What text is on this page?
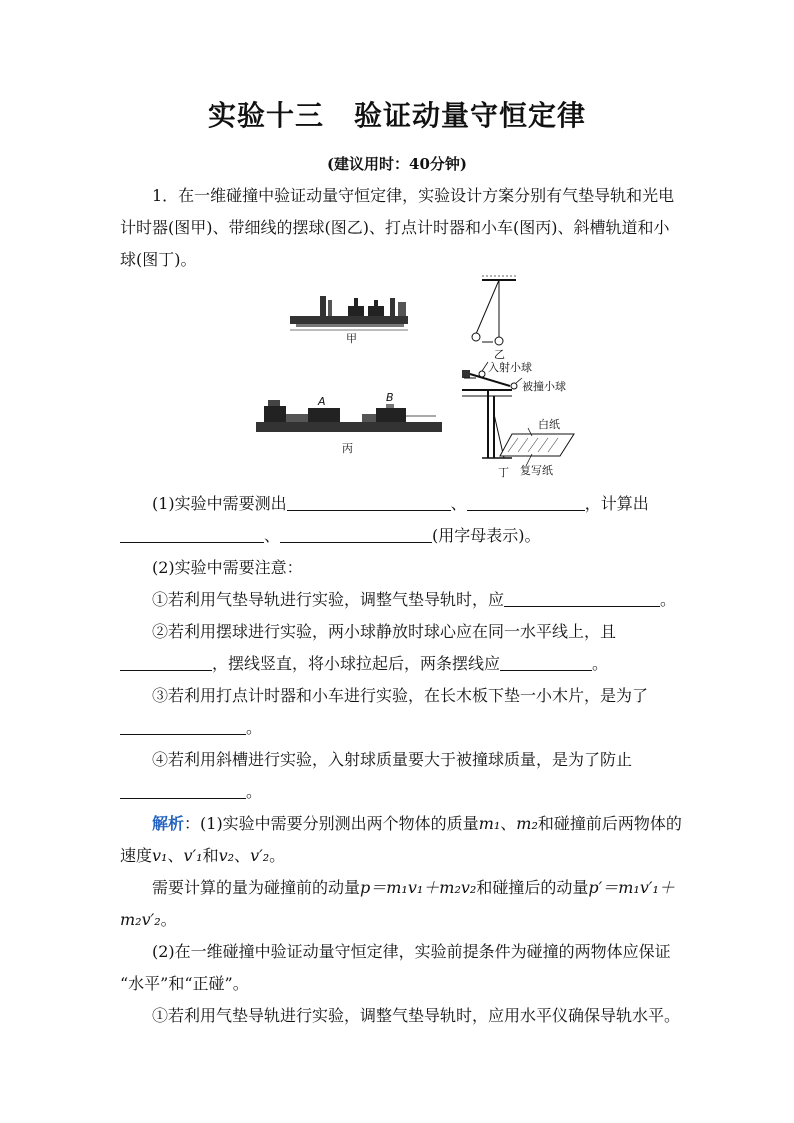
实验十三 验证动量守恒定律
(建议用时：40分钟)
1．在一维碰撞中验证动量守恒定律，实验设计方案分别有气垫导轨和光电
计时器(图甲)、带细线的摆球(图乙)、打点计时器和小车(图丙)、斜槽轨道和小
球(图丁)。
甲
乙
入射小球
被撞小球
白纸
复写纸
丁
A	B
丙
(1)实验中需要测出	、	，计算出
、	(用字母表示)。
(2)实验中需要注意：
①若利用气垫导轨进行实验，调整气垫导轨时，应	。
②若利用摆球进行实验，两小球静放时球心应在同一水平线上，且
，摆线竖直，将小球拉起后，两条摆线应	。
③若利用打点计时器和小车进行实验，在长木板下垫一小木片，是为了
。
④若利用斜槽进行实验，入射球质量要大于被撞球质量，是为了防止
。
解析：(1)实验中需要分别测出两个物体的质量m₁、m₂和碰撞前后两物体的
速度v₁、v′₁和v₂、v′₂。
需要计算的量为碰撞前的动量p＝m₁v₁＋m₂v₂和碰撞后的动量p′＝m₁v′₁＋
m₂v′₂。
(2)在一维碰撞中验证动量守恒定律，实验前提条件为碰撞的两物体应保证
“水平”和“正碰”。
①若利用气垫导轨进行实验，调整气垫导轨时，应用水平仪确保导轨水平。
